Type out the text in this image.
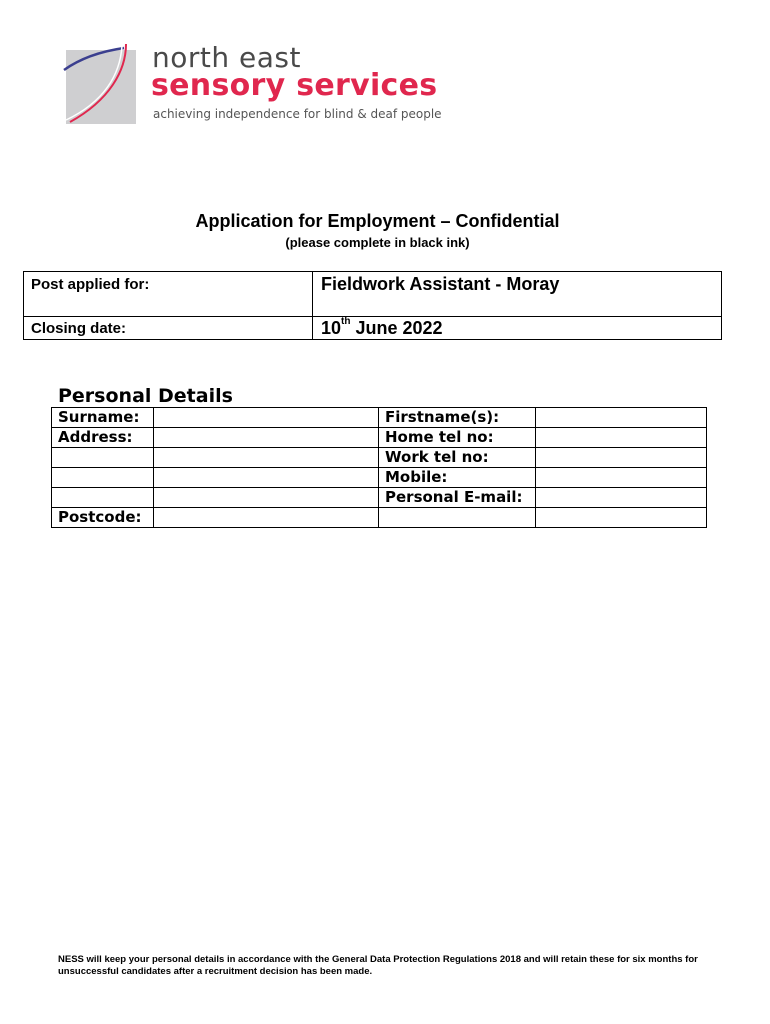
north east
sensory services
achieving independence for blind & deaf people
Application for Employment – Confidential
(please complete in black ink)
Post applied for:	Fieldwork Assistant - Moray
Closing date:	10th June 2022
Personal Details
Surname:		Firstname(s):	
Address:		Home tel no:	
		Work tel no:	
		Mobile:	
		Personal E-mail:	
Postcode:			
NESS will keep your personal details in accordance with the General Data Protection Regulations 2018 and will retain these for six months for unsuccessful candidates after a recruitment decision has been made.
